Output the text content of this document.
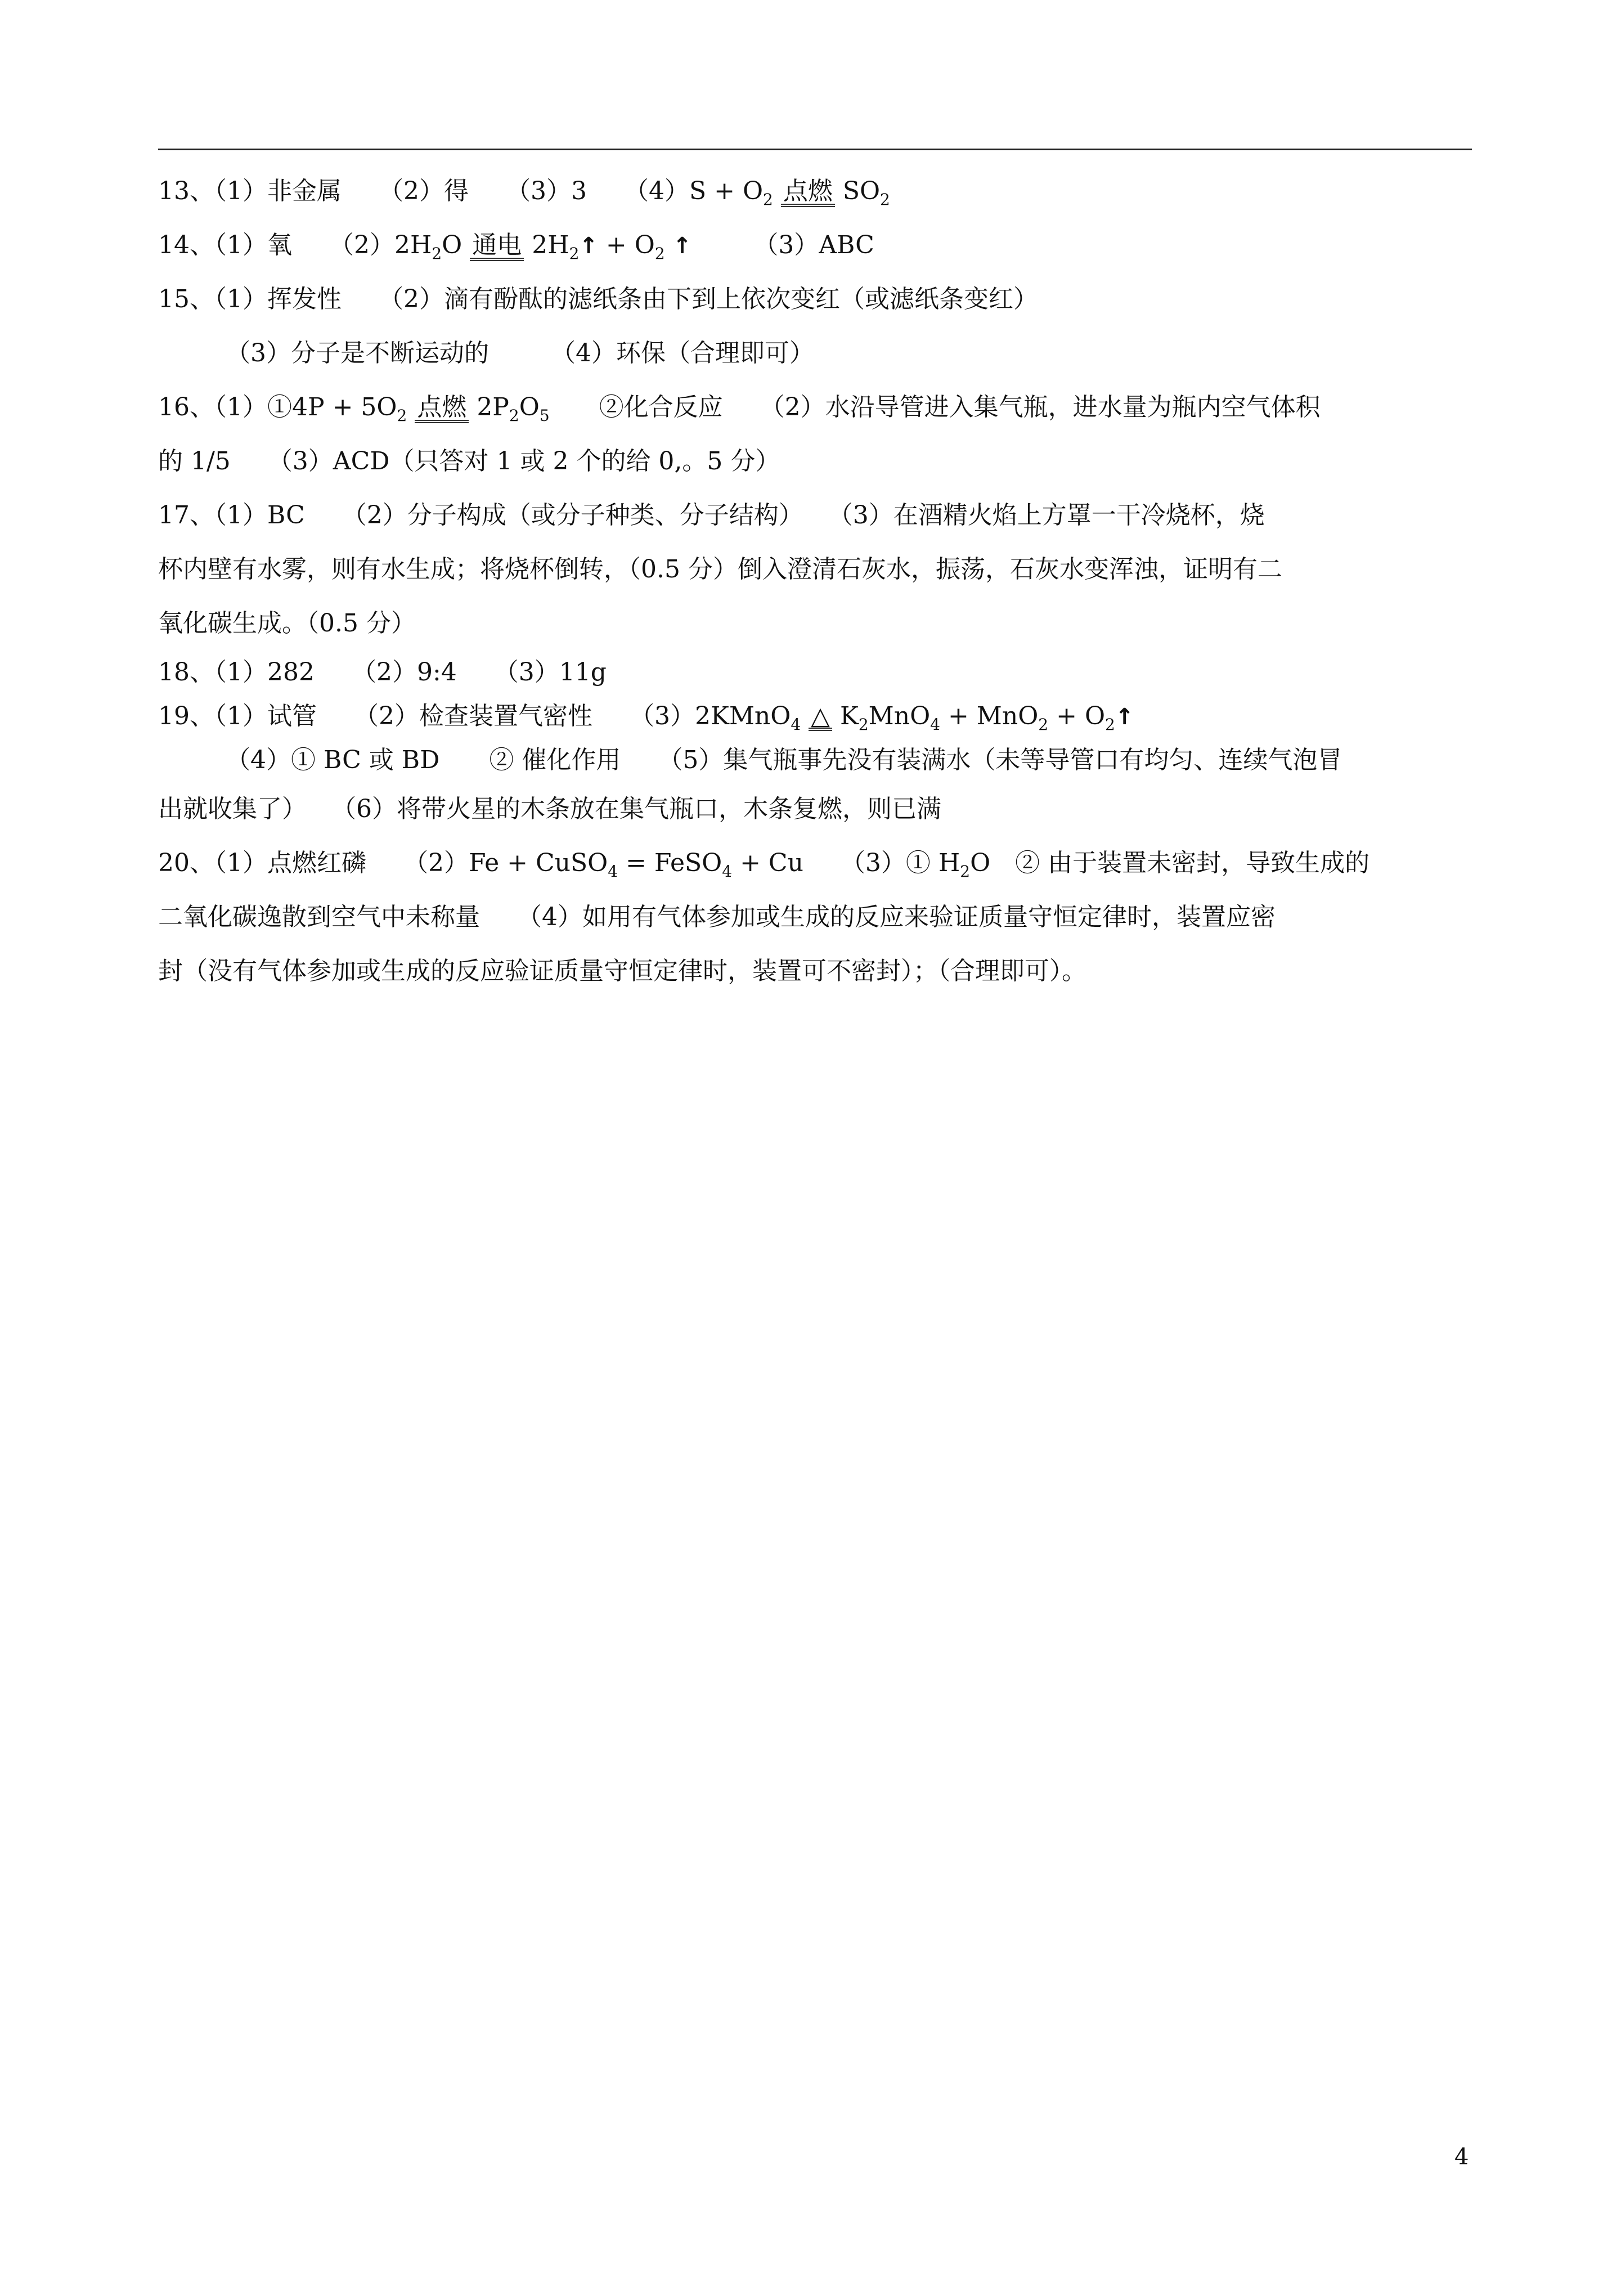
13、（1）非金属　　（2）得　　（3）3　　$(4)S + O_2$ 点燃 $SO_2$
14、（1）氧　　$(2)2H_2O$ 通电 $2H_2↑ + O_2$ ↑　　　（3）ABC
15、（1）挥发性　　（2）滴有酚酞的滤纸条由下到上依次变红（或滤纸条变红）
（3）分子是不断运动的　　　（4）环保（合理即可）
16、（1）①4P + $5O_2$ 点燃 $2P_2O_5$　　②化合反应　　（2）水沿导管进入集气瓶，进水量为瓶内空气体积
的 1/5　　（3）ACD（只答对 1 或 2 个的给 0,。5 分）
17、（1）BC　　（2）分子构成（或分子种类、分子结构）　　（3）在酒精火焰上方罩一干冷烧杯，烧
杯内壁有水雾，则有水生成；将烧杯倒转，（0.5 分）倒入澄清石灰水，振荡，石灰水变浑浊，证明有二
氧化碳生成。（0.5 分）
18、（1）282　　（2）9:4　　（3）11g
19、（1）试管　　（2）检查装置气密性　　（3）2KMnO$_4$ △ $K_2MnO_4 + MnO_2$ + $O_2↑$
（4）① BC 或 BD　　② 催化作用　　（5）集气瓶事先没有装满水（未等导管口有均匀、连续气泡冒
出就收集了）　　（6）将带火星的木条放在集气瓶口，木条复燃，则已满
20、（1）点燃红磷　　（2）Fe + CuSO$_4$ = FeSO$_4$ + Cu　　（3）① $H_2O$　② 由于装置未密封，导致生成的
二氧化碳逸散到空气中未称量　　（4）如用有气体参加或生成的反应来验证质量守恒定律时，装置应密
封（没有气体参加或生成的反应验证质量守恒定律时，装置可不密封）；（合理即可）。
4
